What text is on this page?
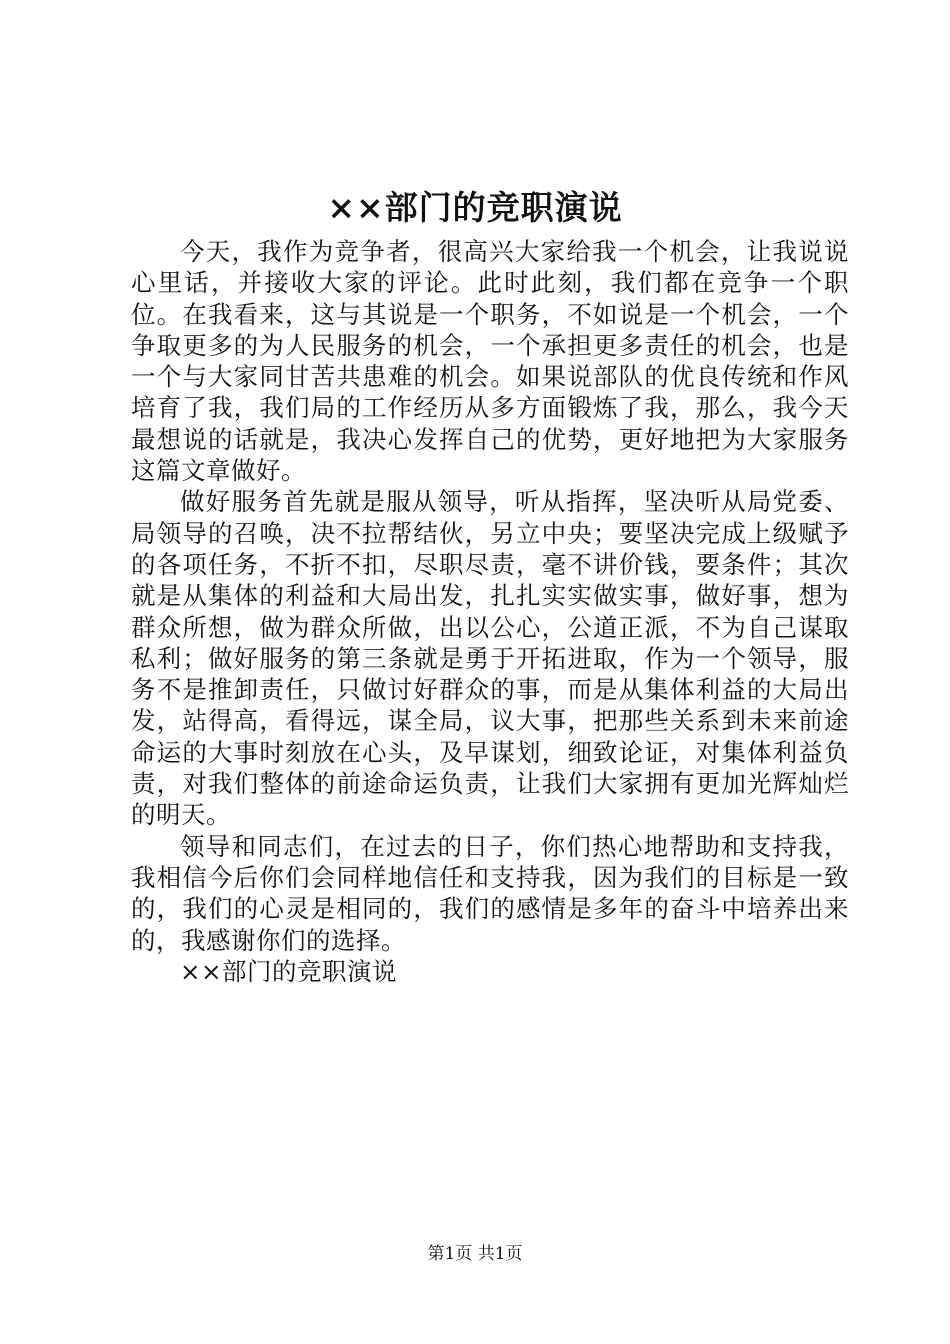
××部门的竞职演说

今天，我作为竞争者，很高兴大家给我一个机会，让我说说心里话，并接收大家的评论。此时此刻，我们都在竞争一个职位。在我看来，这与其说是一个职务，不如说是一个机会，一个争取更多的为人民服务的机会，一个承担更多责任的机会，也是一个与大家同甘苦共患难的机会。如果说部队的优良传统和作风培育了我，我们局的工作经历从多方面锻炼了我，那么，我今天最想说的话就是，我决心发挥自己的优势，更好地把为大家服务这篇文章做好。

做好服务首先就是服从领导，听从指挥，坚决听从局党委、局领导的召唤，决不拉帮结伙，另立中央；要坚决完成上级赋予的各项任务，不折不扣，尽职尽责，毫不讲价钱，要条件；其次就是从集体的利益和大局出发，扎扎实实做实事，做好事，想为群众所想，做为群众所做，出以公心，公道正派，不为自己谋取私利；做好服务的第三条就是勇于开拓进取，作为一个领导，服务不是推卸责任，只做讨好群众的事，而是从集体利益的大局出发，站得高，看得远，谋全局，议大事，把那些关系到未来前途命运的大事时刻放在心头，及早谋划，细致论证，对集体利益负责，对我们整体的前途命运负责，让我们大家拥有更加光辉灿烂的明天。

领导和同志们，在过去的日子，你们热心地帮助和支持我，我相信今后你们会同样地信任和支持我，因为我们的目标是一致的，我们的心灵是相同的，我们的感情是多年的奋斗中培养出来的，我感谢你们的选择。

××部门的竞职演说

第1页 共1页
